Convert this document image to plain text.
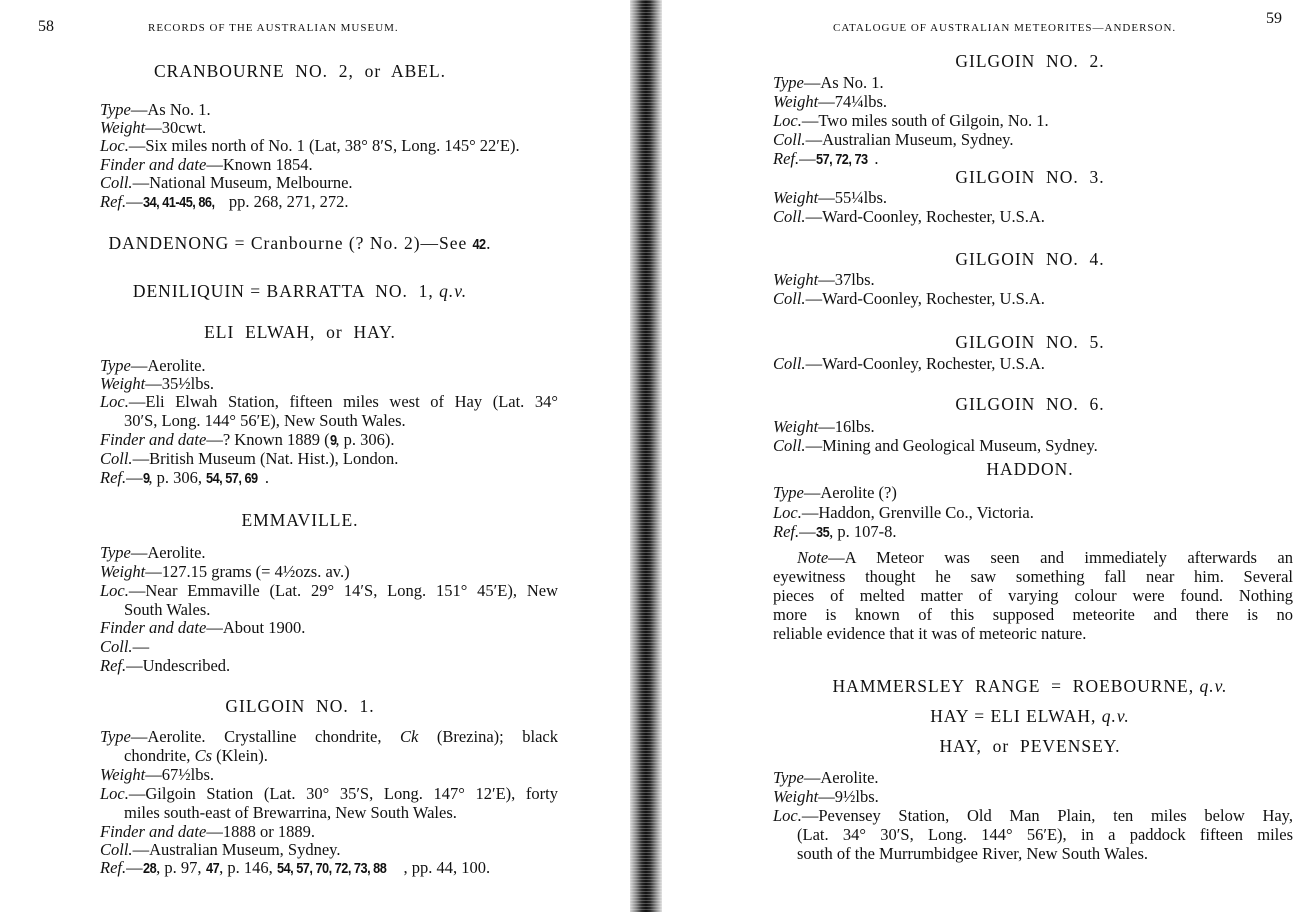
58	RECORDS OF THE AUSTRALIAN MUSEUM.
CRANBOURNE  NO.  2,  or  ABEL.
Type—As No. 1.
Weight—30cwt.
Loc.—Six miles north of No. 1 (Lat, 38° 8′S, Long. 145° 22′E).
Finder and date—Known 1854.
Coll.—National Museum, Melbourne.
Ref.—34, 41-45, 86, pp. 268, 271, 272.
DANDENONG = Cranbourne (? No. 2)—See 42.
DENILIQUIN = BARRATTA  NO.  1, q.v.
ELI  ELWAH,  or  HAY.
Type—Aerolite.
Weight—35½lbs.
Loc.—Eli Elwah Station, fifteen miles west of Hay (Lat. 34°
30′S, Long. 144° 56′E), New South Wales.
Finder and date—? Known 1889 (9, p. 306).
Coll.—British Museum (Nat. Hist.), London.
Ref.—9, p. 306, 54, 57, 69 .
EMMAVILLE.
Type—Aerolite.
Weight—127.15 grams (= 4½ozs. av.)
Loc.—Near Emmaville (Lat. 29° 14′S, Long. 151° 45′E), New
South Wales.
Finder and date—About 1900.
Coll.—
Ref.—Undescribed.
GILGOIN  NO.  1.
Type—Aerolite. Crystalline chondrite, Ck (Brezina); black
chondrite, Cs (Klein).
Weight—67½lbs.
Loc.—Gilgoin Station (Lat. 30° 35′S, Long. 147° 12′E), forty
miles south-east of Brewarrina, New South Wales.
Finder and date—1888 or 1889.
Coll.—Australian Museum, Sydney.
Ref.—28, p. 97, 47, p. 146, 54, 57, 70, 72, 73, 88 , pp. 44, 100.
CATALOGUE OF AUSTRALIAN METEORITES—ANDERSON.
59
GILGOIN  NO.  2.
Type—As No. 1.
Weight—74¼lbs.
Loc.—Two miles south of Gilgoin, No. 1.
Coll.—Australian Museum, Sydney.
Ref.—57, 72, 73 .
GILGOIN  NO.  3.
Weight—55¼lbs.
Coll.—Ward-Coonley, Rochester, U.S.A.
GILGOIN  NO.  4.
Weight—37lbs.
Coll.—Ward-Coonley, Rochester, U.S.A.
GILGOIN  NO.  5.
Coll.—Ward-Coonley, Rochester, U.S.A.
GILGOIN  NO.  6.
Weight—16lbs.
Coll.—Mining and Geological Museum, Sydney.
HADDON.
Type—Aerolite (?)
Loc.—Haddon, Grenville Co., Victoria.
Ref.—35, p. 107-8.
Note—A Meteor was seen and immediately afterwards an
eyewitness thought he saw something fall near him. Several
pieces of melted matter of varying colour were found. Nothing
more is known of this supposed meteorite and there is no
reliable evidence that it was of meteoric nature.
HAMMERSLEY  RANGE  =  ROEBOURNE, q.v.
HAY = ELI ELWAH, q.v.
HAY,  or  PEVENSEY.
Type—Aerolite.
Weight—9½lbs.
Loc.—Pevensey Station, Old Man Plain, ten miles below Hay,
(Lat. 34° 30′S, Long. 144° 56′E), in a paddock fifteen miles
south of the Murrumbidgee River, New South Wales.
